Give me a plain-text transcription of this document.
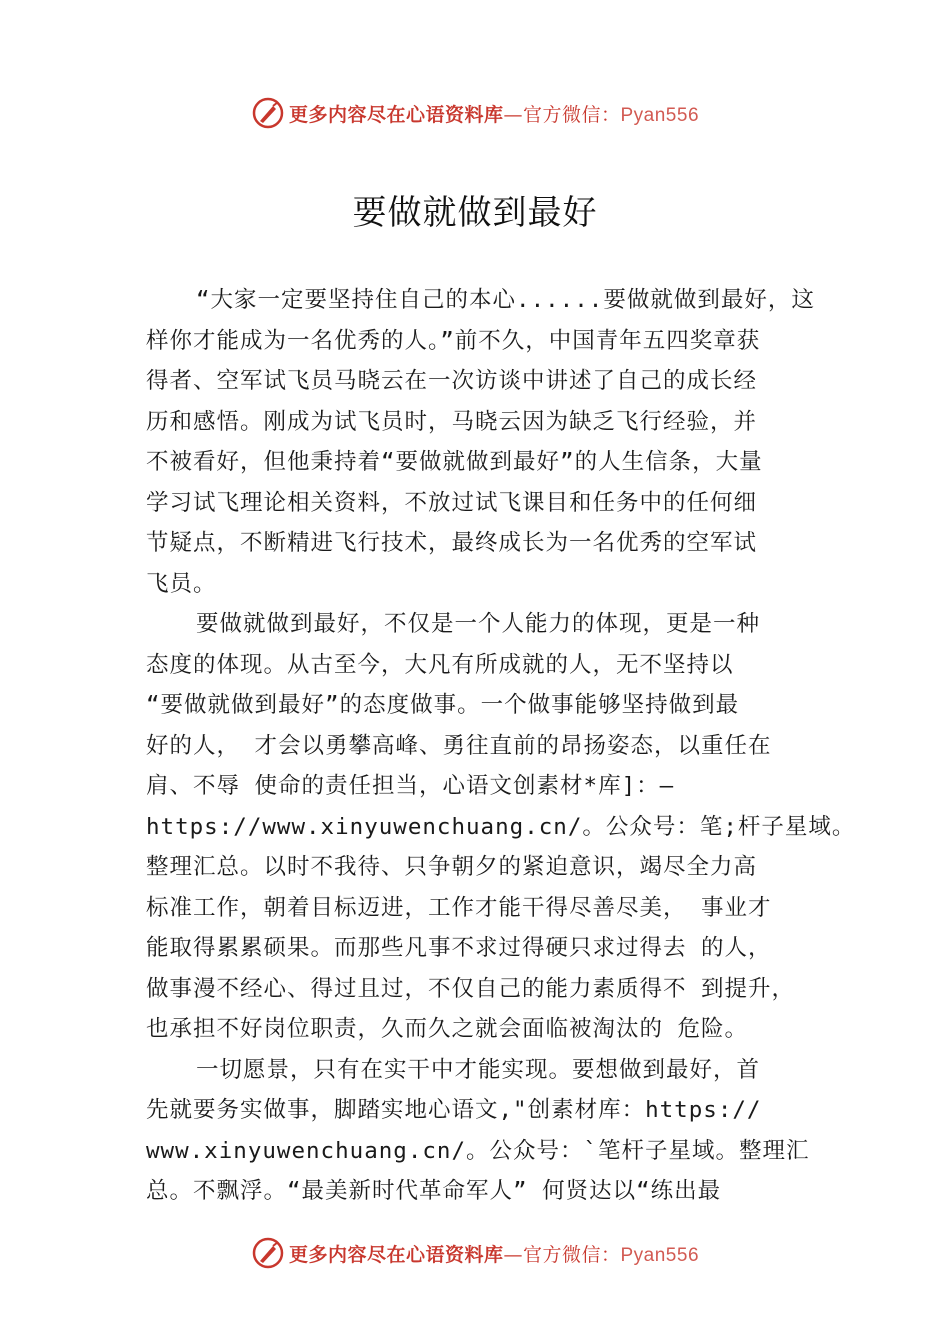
更多内容尽在心语资料库—官方微信：Pyan556
要做就做到最好
“大家一定要坚持住自己的本心......要做就做到最好，这
样你才能成为一名优秀的人。”前不久，中国青年五四奖章获
得者、空军试飞员马晓云在一次访谈中讲述了自己的成长经
历和感悟。刚成为试飞员时，马晓云因为缺乏飞行经验，并
不被看好，但他秉持着“要做就做到最好”的人生信条，大量
学习试飞理论相关资料，不放过试飞课目和任务中的任何细
节疑点，不断精进飞行技术，最终成长为一名优秀的空军试
飞员。
要做就做到最好，不仅是一个人能力的体现，更是一种
态度的体现。从古至今，大凡有所成就的人，无不坚持以
“要做就做到最好”的态度做事。一个做事能够坚持做到最
好的人， 才会以勇攀高峰、勇往直前的昂扬姿态，以重任在
肩、不辱 使命的责任担当，心语文创素材*库]：—
https://www.xinyuwenchuang.cn/。公众号：笔;杆子星域。
整理汇总。以时不我待、只争朝夕的紧迫意识，竭尽全力高
标准工作，朝着目标迈进，工作才能干得尽善尽美， 事业才
能取得累累硕果。而那些凡事不求过得硬只求过得去 的人，
做事漫不经心、得过且过，不仅自己的能力素质得不 到提升，
也承担不好岗位职责，久而久之就会面临被淘汰的 危险。
一切愿景，只有在实干中才能实现。要想做到最好，首
先就要务实做事，脚踏实地心语文,"创素材库：https://
www.xinyuwenchuang.cn/。公众号：`笔杆子星域。整理汇
总。不飘浮。“最美新时代革命军人” 何贤达以“练出最
更多内容尽在心语资料库—官方微信：Pyan556
